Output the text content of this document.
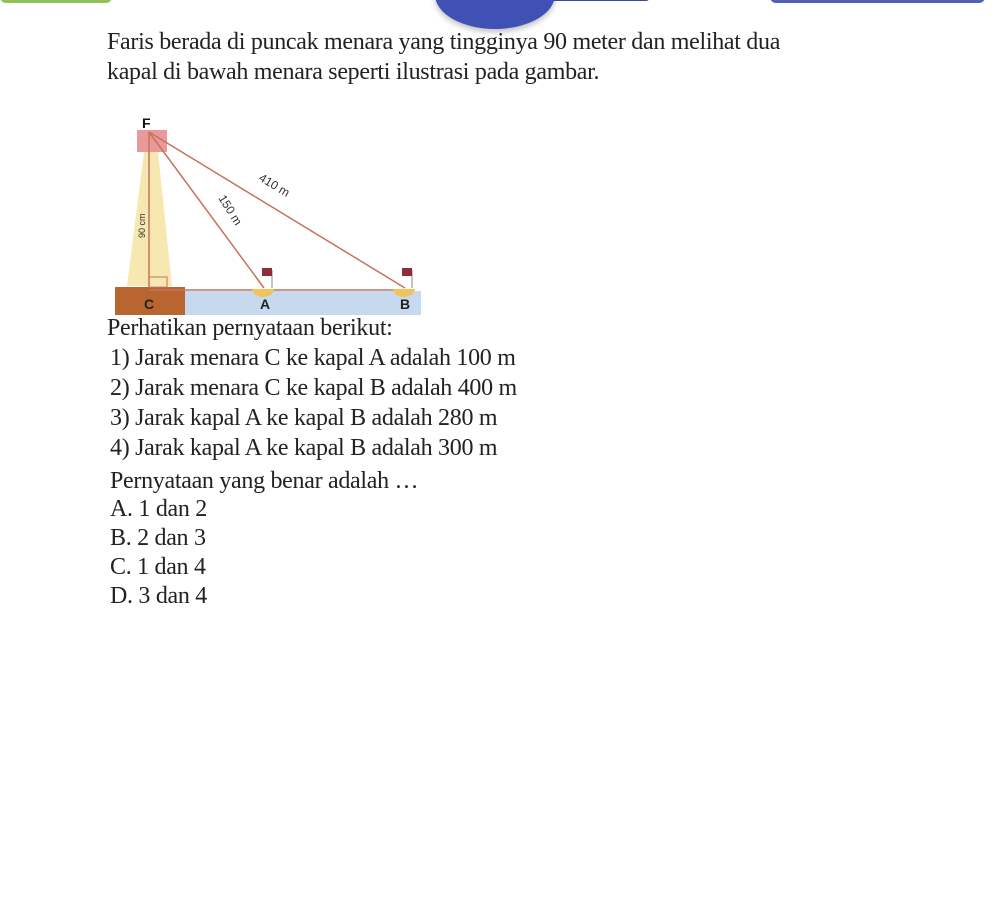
Faris berada di puncak menara yang tingginya 90 meter dan melihat dua
kapal di bawah menara seperti ilustrasi pada gambar.
F
C	A	B
90 cm	150 m
410 m
Perhatikan pernyataan berikut:
1) Jarak menara C ke kapal A adalah 100 m
2) Jarak menara C ke kapal B adalah 400 m
3) Jarak kapal A ke kapal B adalah 280 m
4) Jarak kapal A ke kapal B adalah 300 m
Pernyataan yang benar adalah …
A. 1 dan 2
B. 2 dan 3
C. 1 dan 4
D. 3 dan 4
